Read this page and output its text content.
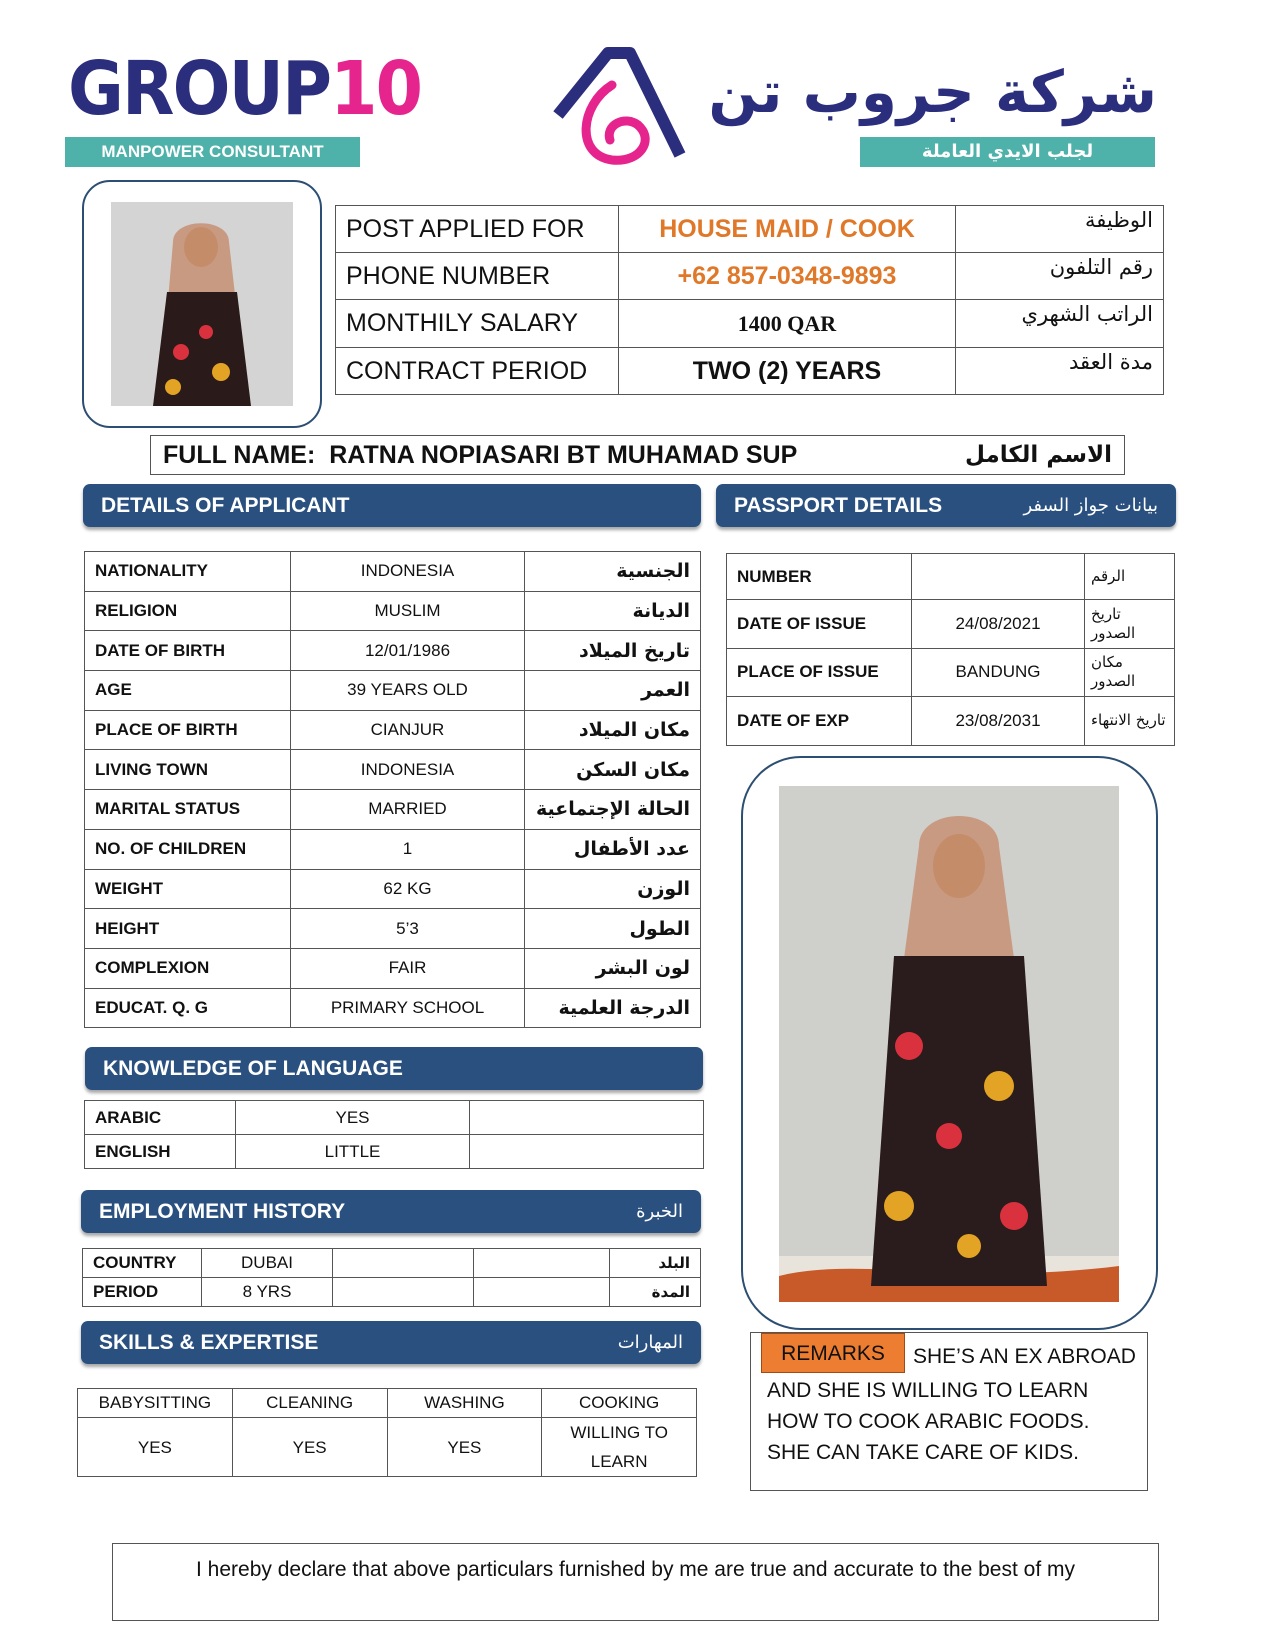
GROUP10
MANPOWER CONSULTANT
شركة جروب تن
لجلب الايدي العاملة
POST APPLIED FOR	HOUSE MAID / COOK	الوظيفة
PHONE NUMBER	+62 857-0348-9893	رقم التلفون
MONTHILY SALARY	1400 QAR	الراتب الشهري
CONTRACT PERIOD	TWO (2) YEARS	مدة العقد
FULL NAME: RATNA NOPIASARI BT MUHAMAD SUP	الاسم الكامل
DETAILS OF APPLICANT
NATIONALITY	INDONESIA	الجنسية
RELIGION	MUSLIM	الديانة
DATE OF BIRTH	12/01/1986	تاريخ الميلاد
AGE	39 YEARS OLD	العمر
PLACE OF BIRTH	CIANJUR	مكان الميلاد
LIVING TOWN	INDONESIA	مكان السكن
MARITAL STATUS	MARRIED	الحالة الإجتماعية
NO. OF CHILDREN	1	عدد الأطفال
WEIGHT	62 KG	الوزن
HEIGHT	5’3	الطول
COMPLEXION	FAIR	لون البشر
EDUCAT. Q. G	PRIMARY SCHOOL	الدرجة العلمية
PASSPORT DETAILS	بيانات جواز السفر
NUMBER		الرقم
DATE OF ISSUE	24/08/2021	تاريخ الصدور
PLACE OF ISSUE	BANDUNG	مكان الصدور
DATE OF EXP	23/08/2031	تاريخ الانتهاء
KNOWLEDGE OF LANGUAGE
ARABIC	YES	
ENGLISH	LITTLE	
EMPLOYMENT HISTORY	الخبرة
COUNTRY	DUBAI			البلد
PERIOD	8 YRS			المدة
SKILLS & EXPERTISE	المهارات
BABYSITTING	CLEANING	WASHING	COOKING
YES	YES	YES	WILLING TO LEARN
REMARKS	SHE’S AN EX ABROAD
AND SHE IS WILLING TO LEARN HOW TO COOK ARABIC FOODS. SHE CAN TAKE CARE OF KIDS.
I hereby declare that above particulars furnished by me are true and accurate to the best of my
